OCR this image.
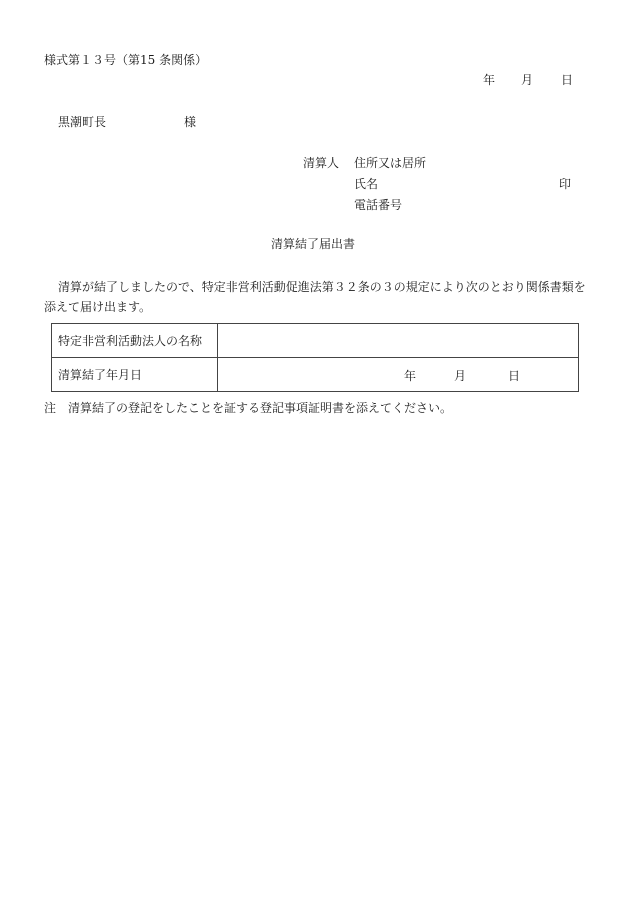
様式第１３号（第15 条関係）
年 月 日
黒潮町長	様
清算人 住所又は居所
氏名	印
電話番号
清算結了届出書
清算が結了しましたので、特定非営利活動促進法第３２条の３の規定により次のとおり関係書類を添えて届け出ます。
特定非営利活動法人の名称	
清算結了年月日	年 月 日
注　清算結了の登記をしたことを証する登記事項証明書を添えてください。
